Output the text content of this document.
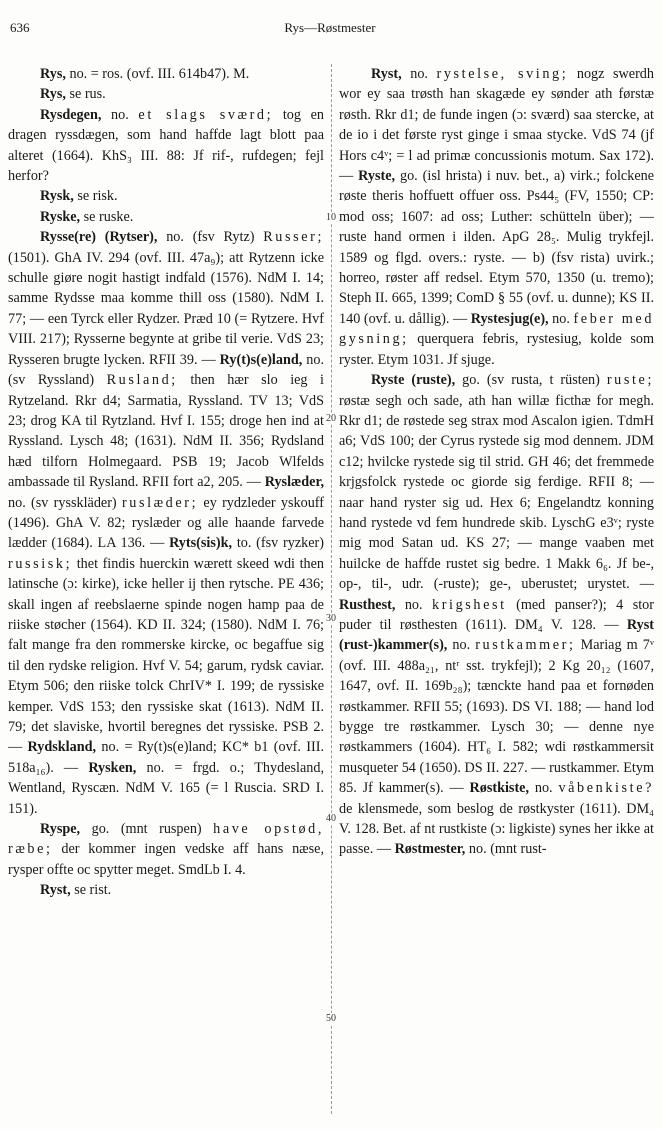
636	Rys—Røstmester
10
20
30
40
50

Rys, no. = ros. (ovf. III. 614b47). M.

Rys, se rus.

Rysdegen, no. et slags sværd; tog en dragen ryssdægen, som hand haffde lagt blott paa alteret (1664). KhS₃ III. 88: Jf rif-, rufdegen; fejl herfor?

Rysk, se risk.

Ryske, se ruske.

Rysse(re) (Rytser), no. (fsv Rytz) Russer; (1501). GhA IV. 294 (ovf. III. 47a₉); att Rytzenn icke schulle giøre nogit hastigt indfald (1576). NdM I. 14; samme Rydsse maa komme thill oss (1580). NdM I. 77; — een Tyrck eller Rydzer. Præd 10 (= Rytzere. Hvf VIII. 217); Rysserne begynte at gribe til verie. VdS 23; Rysseren brugte lycken. RFII 39. — Ry(t)s(e)land, no. (sv Ryssland) Rusland; then hær slo ieg i Rytzeland. Rkr d4; Sarmatia, Ryssland. TV 13; VdS 23; drog KA til Rytzland. Hvf I. 155; droge hen ind at Ryssland. Lysch 48; (1631). NdM II. 356; Rydsland hæd tilforn Holmegaard. PSB 19; Jacob Wlfelds ambassade til Rysland. RFII fort a2, 205. — Ryslæder, no. (sv rysskläder) ruslæder; ey rydzleder yskouff (1496). GhA V. 82; ryslæder og alle haande farvede lædder (1684). LA 136. — Ryts(sis)k, to. (fsv ryzker) russisk; thet findis huerckin wærett skeed wdi then latinsche (ɔ: kirke), icke heller ij then rytsche. PE 436; skall ingen af reebslaerne spinde nogen hamp paa de riiske støcher (1564). KD II. 324; (1580). NdM I. 76; falt mange fra den rommerske kircke, oc begaffue sig til den rydske religion. Hvf V. 54; garum, rydsk caviar. Etym 506; den riiske tolck ChrIV* I. 199; de ryssiske kemper. VdS 153; den ryssiske skat (1613). NdM II. 79; det slaviske, hvortil beregnes det ryssiske. PSB 2. — Rydskland, no. = Ry(t)s(e)land; KC* b1 (ovf. III. 518a₁₆). — Rysken, no. = frgd. o.; Thydesland, Wentland, Ryscæn. NdM V. 165 (= l Ruscia. SRD I. 151).

Ryspe, go. (mnt ruspen) have opstød, ræbe; der kommer ingen vedske aff hans næse, rysper offte oc spytter meget. SmdLb I. 4.

Ryst, se rist.

Ryst, no. rystelse, sving; nogz swerdh wor ey saa trøsth han skagæde ey sønder ath førstæ røsth. Rkr d1; de funde ingen (ɔ: sværd) saa stercke, at de io i det første ryst ginge i smaa stycke. VdS 74 (jf Hors c4ᵛ; = l ad primæ concussionis motum. Sax 172). — Ryste, go. (isl hrista) i nuv. bet., a) virk.; folckene røste theris hoffuett offuer oss. Ps44₅ (FV, 1550; CP: mod oss; 1607: ad oss; Luther: schütteln über); — ruste hand ormen i ilden. ApG 28₅. Mulig trykfejl. 1589 og flgd. overs.: ryste. — b) (fsv rista) uvirk.; horreo, røster aff redsel. Etym 570, 1350 (u. tremo); Steph II. 665, 1399; ComD § 55 (ovf. u. dunne); KS II. 140 (ovf. u. dållig). — Rystesjug(e), no. feber med gysning; querquera febris, rystesiug, kolde som ryster. Etym 1031. Jf sjuge.

Ryste (ruste), go. (sv rusta, t rüsten) ruste; røstæ segh och sade, ath han willæ ficthæ for megh. Rkr d1; de røstede seg strax mod Ascalon igien. TdmH a6; VdS 100; der Cyrus rystede sig mod dennem. JDM c12; hvilcke rystede sig til strid. GH 46; det fremmede krjgsfolck rystede oc giorde sig ferdige. RFII 8; — naar hand ryster sig ud. Hex 6; Engelandtz konning hand rystede vd fem hundrede skib. LyschG e3ᵛ; ryste mig mod Satan ud. KS 27; — mange vaaben met huilcke de haffde rustet sig bedre. 1 Makk 6₆. Jf be-, op-, til-, udr. (-ruste); ge-, uberustet; urystet. — Rusthest, no. krigshest (med panser?); 4 stor puder til røsthesten (1611). DM₄ V. 128. — Ryst (rust-)kammer(s), no. rustkammer; Mariag m 7ᵛ (ovf. III. 488a₂₁, ntʳ sst. trykfejl); 2 Kg 20₁₂ (1607, 1647, ovf. II. 169b₂₈); tænckte hand paa et fornøden røstkammer. RFII 55; (1693). DS VI. 188; — hand lod bygge tre røstkammer. Lysch 30; — denne nye røstkammers (1604). HT₆ I. 582; wdi røstkammersit musqueter 54 (1650). DS II. 227. — rustkammer. Etym 85. Jf kammer(s). — Røstkiste, no. våbenkiste? de klensmede, som beslog de røstkyster (1611). DM₄ V. 128. Bet. af nt rustkiste (ɔ: ligkiste) synes her ikke at passe. — Røstmester, no. (mnt rust-
